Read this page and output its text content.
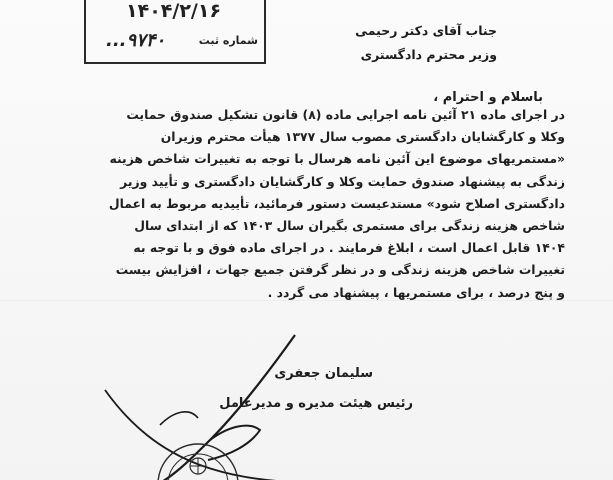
۱۴۰۴/۲/۱۶
شماره ثبت
۹۷۴۰...	جناب آقای دکتر رحیمی
وزیر محترم دادگستری
باسلام و احترام ،
در اجرای ماده ۲۱ آئین نامه اجرایی ماده (۸) قانون تشکیل صندوق حمایت
وکلا و کارگشایان دادگستری مصوب سال ۱۳۷۷ هیأت محترم وزیران
«مستمریهای موضوع این آئین نامه هرسال با توجه به تغییرات شاخص هزینه
زندگی به پیشنهاد صندوق حمایت وکلا و کارگشایان دادگستری و تأیید وزیر
دادگستری اصلاح شود» مستدعیست دستور فرمائید، تأییدیه مربوط به اعمال
شاخص هزینه زندگی برای مستمری بگیران سال ۱۴۰۳ که از ابتدای سال
۱۴۰۴ قابل اعمال است ، ابلاغ فرمایند . در اجرای ماده فوق و با توجه به
تغییرات شاخص هزینه زندگی و در نظر گرفتن جمیع جهات ، افزایش بیست
و پنج درصد ، برای مستمریها ، پیشنهاد می گردد .
سلیمان جعفری
رئیس هیئت مدیره و مدیرعامل
